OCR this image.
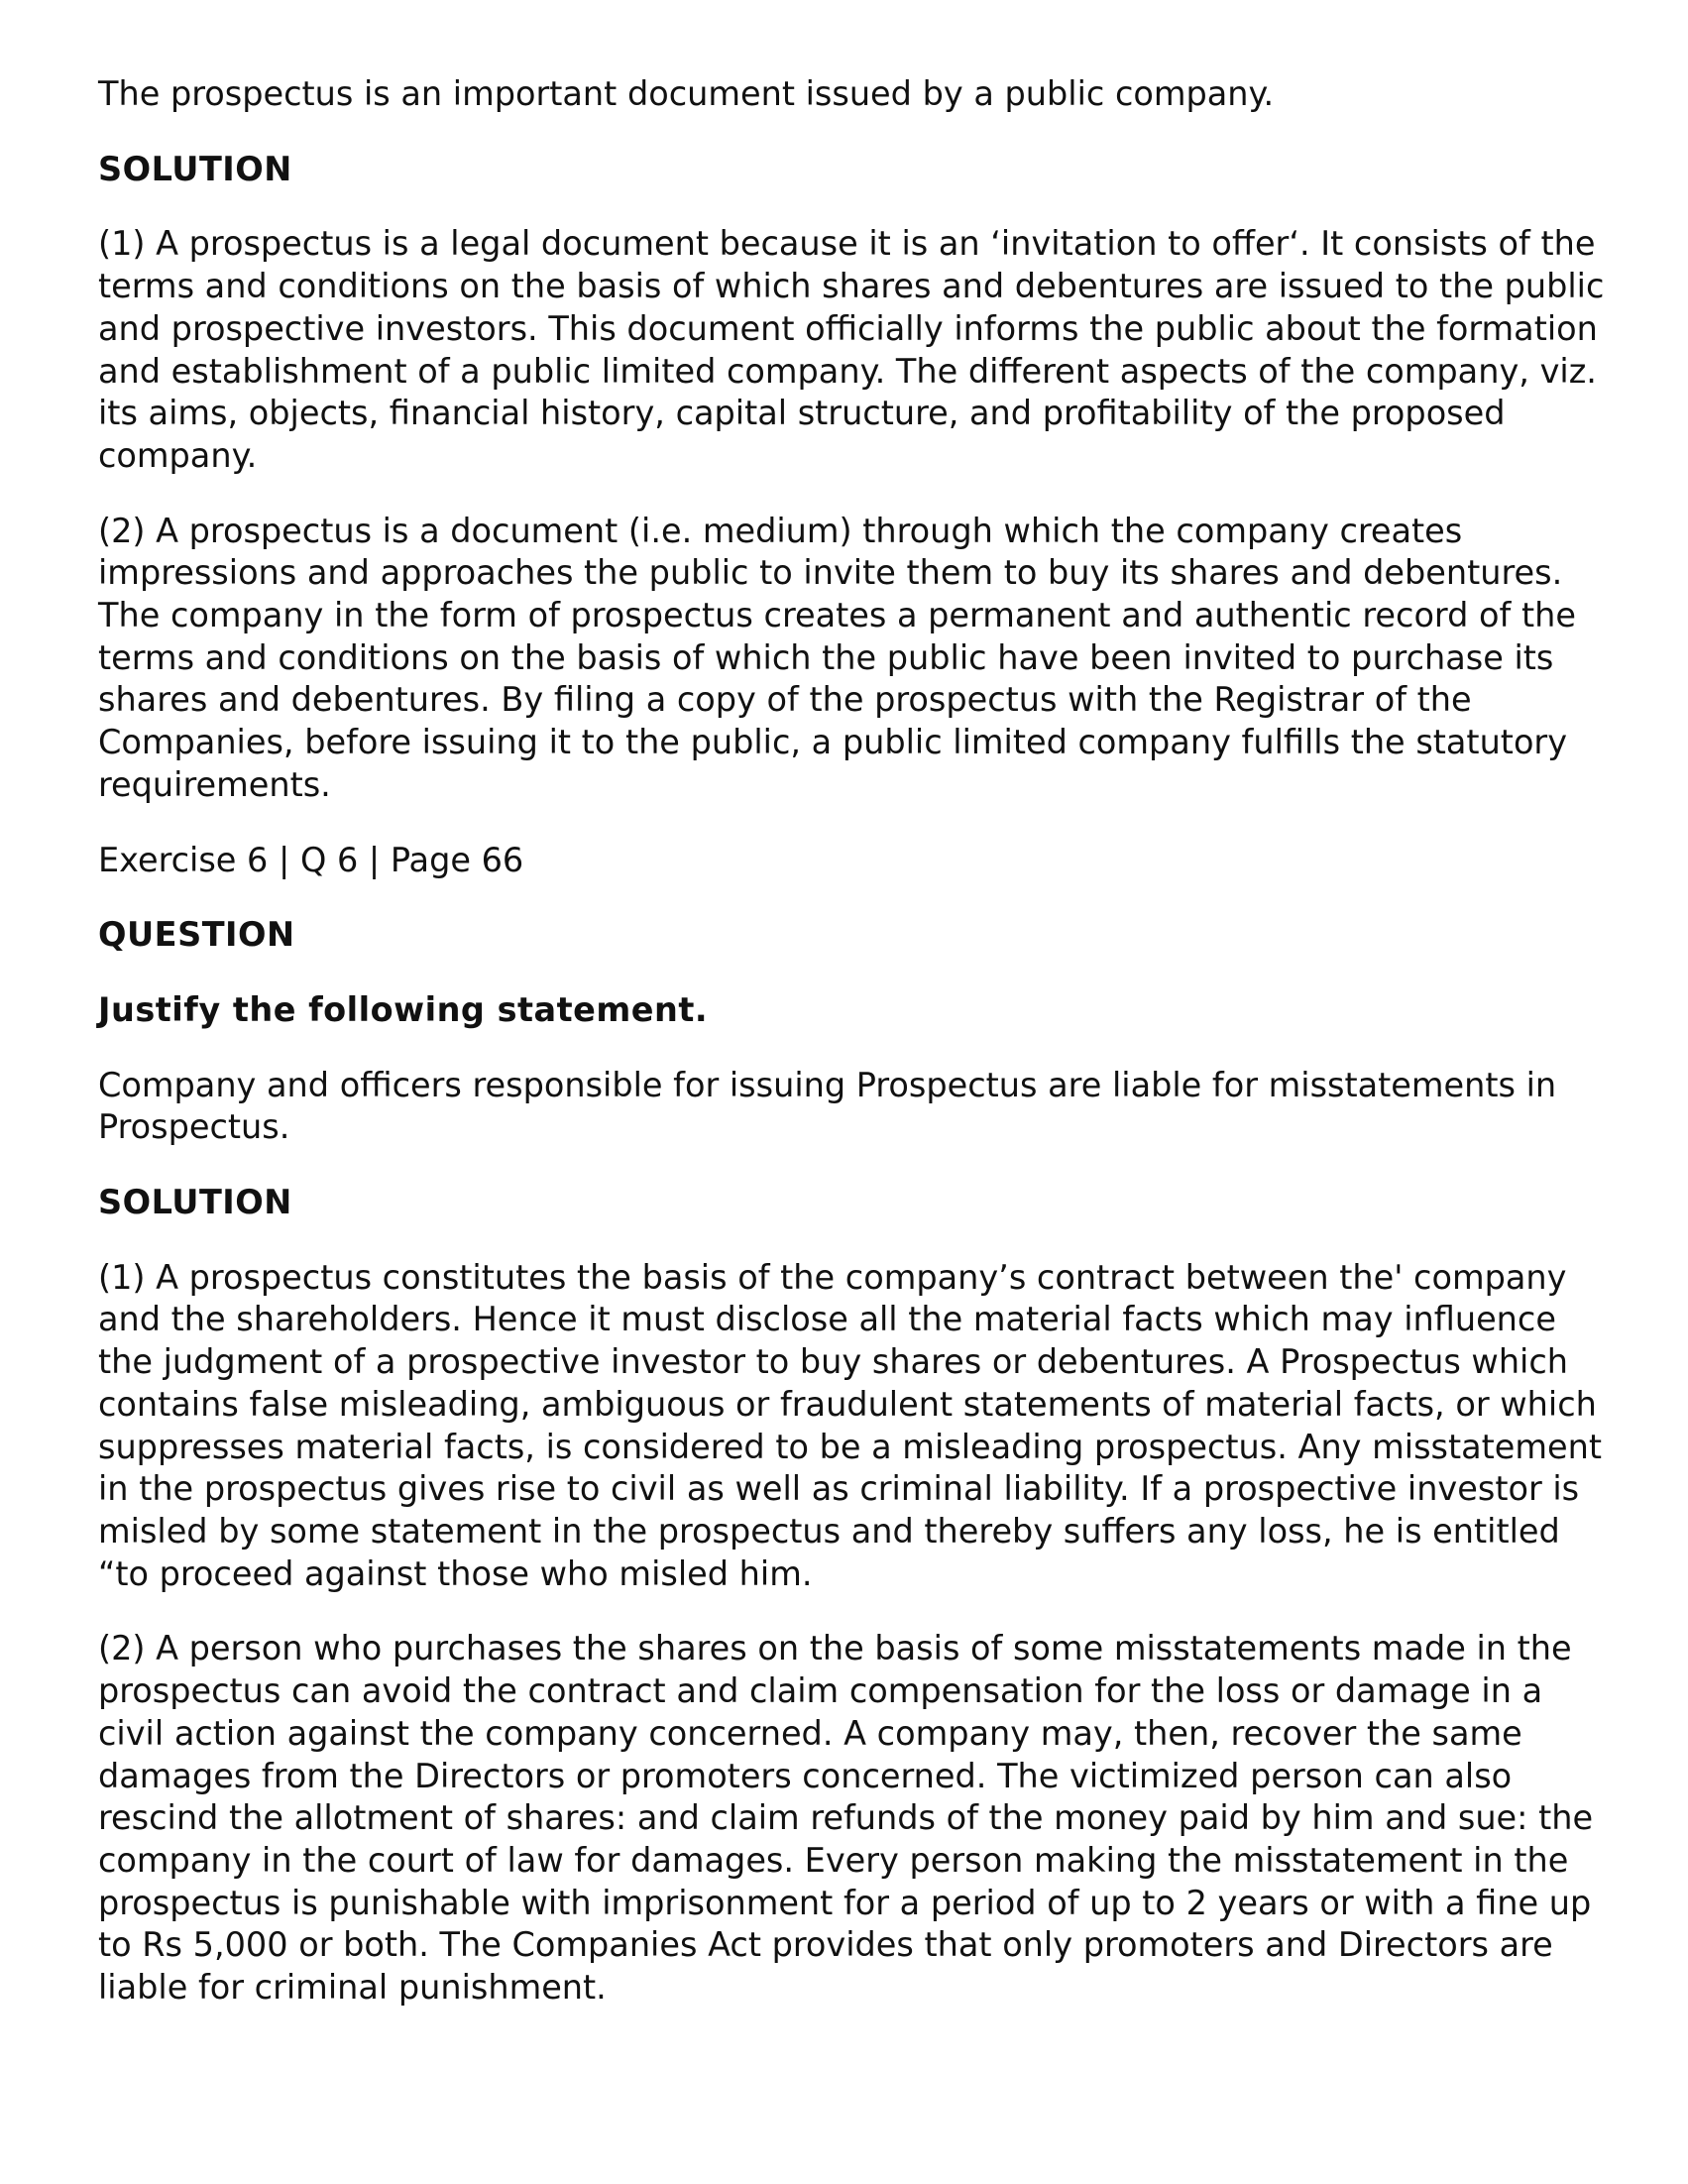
The prospectus is an important document issued by a public company.

SOLUTION

(1) A prospectus is a legal document because it is an ‘invitation to offer‘. It consists of the terms and conditions on the basis of which shares and debentures are issued to the public and prospective investors. This document officially informs the public about the formation and establishment of a public limited company. The different aspects of the company, viz. its aims, objects, financial history, capital structure, and profitability of the proposed company.

(2) A prospectus is a document (i.e. medium) through which the company creates impressions and approaches the public to invite them to buy its shares and debentures. The company in the form of prospectus creates a permanent and authentic record of the terms and conditions on the basis of which the public have been invited to purchase its shares and debentures. By filing a copy of the prospectus with the Registrar of the Companies, before issuing it to the public, a public limited company fulfills the statutory requirements.

Exercise 6 | Q 6 | Page 66

QUESTION

Justify the following statement.

Company and officers responsible for issuing Prospectus are liable for misstatements in Prospectus.

SOLUTION

(1) A prospectus constitutes the basis of the company’s contract between the' company and the shareholders. Hence it must disclose all the material facts which may influence the judgment of a prospective investor to buy shares or debentures. A Prospectus which contains false misleading, ambiguous or fraudulent statements of material facts, or which suppresses material facts, is considered to be a misleading prospectus. Any misstatement in the prospectus gives rise to civil as well as criminal liability. If a prospective investor is misled by some statement in the prospectus and thereby suffers any loss, he is entitled “to proceed against those who misled him.

(2) A person who purchases the shares on the basis of some misstatements made in the prospectus can avoid the contract and claim compensation for the loss or damage in a civil action against the company concerned. A company may, then, recover the same damages from the Directors or promoters concerned. The victimized person can also rescind the allotment of shares: and claim refunds of the money paid by him and sue: the company in the court of law for damages. Every person making the misstatement in the prospectus is punishable with imprisonment for a period of up to 2 years or with a fine up to Rs 5,000 or both. The Companies Act provides that only promoters and Directors are liable for criminal punishment.
